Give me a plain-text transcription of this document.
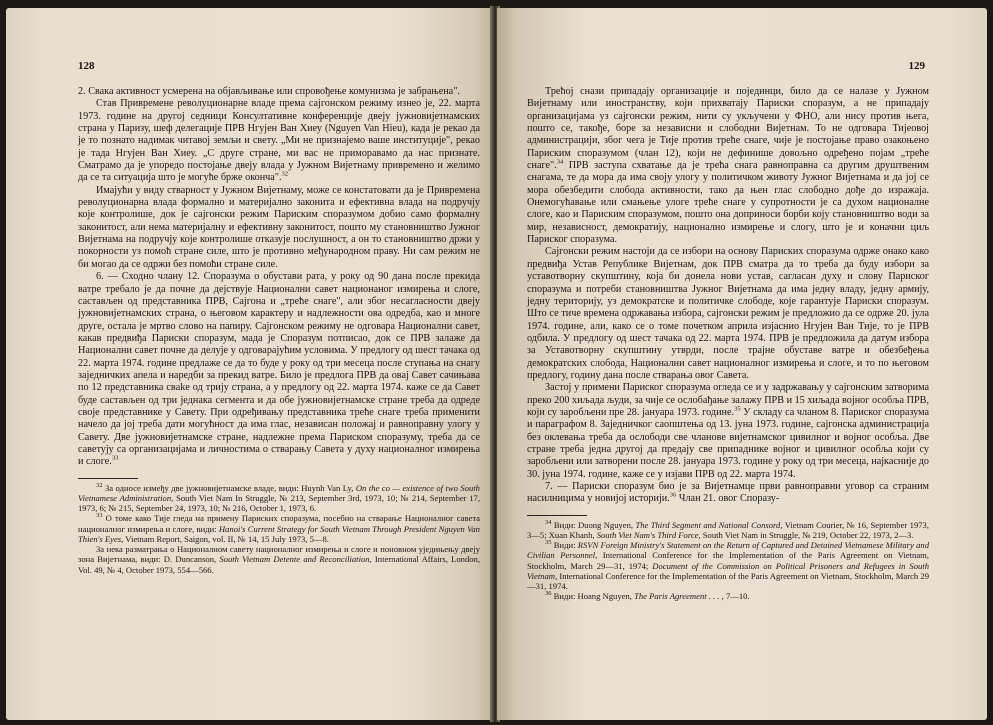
128

2. Свака активност усмерена на објављивање или спровођење комунизма је забрањена".

Став Привремене револуционарне владе према сајгонском режиму изнео је, 22. марта 1973. године на другој седници Консултативне конференције двеју јужновијетнамских страна у Паризу, шеф делегације ПРВ Нгујен Ван Хиеу (Nguyen Van Hieu), када је рекао да је то познато надимак читавој земљи и свету. „Ми не признајемо ваше институције", рекао је тада Нгујен Ван Хиеу. „С друге стране, ми вас не приморавамо да нас признате. Сматрамо да је упоредо постојање двеју влада у Јужном Вијетнаму привремено и желимо да се та ситуација што је могуће брже оконча".$^{32}$

Имајући у виду стварност у Јужном Вијетнаму, може се констатовати да је Привремена револуционарна влада формално и материјално законита и ефективна влада на подручју које контролише, док је сајгонски режим Париским споразумом добио само формалну законитост, али нема материјалну и ефективну законитост, пошто му становништво Јужног Вијетнама на подручју које контролише отказује послушност, а он то становништво држи у покорности уз помоћ стране силе, што је противно међународном праву. Ни сам режим не би могао да се одржи без помоћи стране силе.

6. — Сходно члану 12. Споразума о обустави рата, у року од 90 дана после прекида ватре требало је да почне да дејствује Национални савет национаног измирења и слоге, састављен од представника ПРВ, Сајгона и „треће снаге", али због несагласности двеју јужновијетнамских страна, о његовом карактеру и надлежности ова одредба, као и многе друге, остала је мртво слово на папиру. Сајгонском режиму не одговара Национални савет, какав предвиђа Париски споразум, мада је Споразум потписао, док се ПРВ залаже да Национални савет почне да делује у одговарајућим условима. У предлогу од шест тачака од 22. марта 1974. године предлаже се да то буде у року од три месеца после ступања на снагу заједничких апела и наредби за прекид ватре. Било је предлога ПРВ да овај Савет сачињава по 12 представника свake од трију страна, а у предлогу од 22. марта 1974. каже се да Савет буде састављен од три једнака сегмента и да обе јужновијетнамске стране треба да одреде своје представнике у Савету. При одређивању представника треће снаге треба применити начело да јој треба дати могућност да има глас, независан положај и равноправну улогу у Савету. Две јужновијетнамске стране, надлежне према Париском споразуму, треба да се саветују са организацијама и личностима о стварању Савета у духу националног измирења и слоге.$^{33}$

$^{32}$ За односе између две јужновијетнамске владе, види: Huynh Van Ly, On the co — existence of two South Vietnamese Administration, South Viet Nam In Struggle, № 213, September 3rd, 1973, 10; № 214, September 17, 1973, 6; № 215, September 24, 1973, 10; № 216, October 1, 1973, 6.

$^{33}$ О томе како Тије гледа на примену Париских споразума, посебно на стварање Националног савета националног измирења и слоге, види: Hanoi's Current Strategy for South Vietnam Through President Nguyen Van Thien's Eyes, Vietnam Report, Saigon, vol. II, № 14, 15 July 1973, 5—8.

За нека разматрања о Националном савету националног измирења и слоге и поновном уједињењу двеју зона Вијетнама, види: D. Duncanson, South Vietnam Detente and Reconciliation, International Affairs, London, Vol. 49, № 4, October 1973, 554—566.

129

Трећој снази припадају организације и појединци, било да се налазе у Јужном Вијетнаму или иностранству, који прихватају Париски споразум, а не припадају организацијама уз сајгонски режим, нити су укључени у ФНО, али нису против њега, пошто се, такође, боре за независни и слободни Вијетнам. То не одговара Тијеовој администрацији, због чега је Тије против треће снаге, чије је постојање право озакоњено Париским споразумом (члан 12), који не дефинише довољно одређено појам „треће снаге".$^{34}$ ПРВ заступа схватање да је трећа снага равноправна са другим друштвеним снагама, те да мора да има своју улогу у политичком животу Јужног Вијетнама и да јој се мора обезбедити слобода активности, тако да њен глас слободно дође до изражаја. Онемогућавање или смањење улоге треће снаге у супротности је са духом националне слоге, као и Париским споразумом, пошто она доприноси борби коју становништво води за мир, независност, демократију, национално измирење и слогу, што је и коначни циљ Париског споразума.

Сајгонски режим настоји да се избори на основу Париских споразума одрже онако како предвиђа Устав Републике Вијетнам, док ПРВ сматра да то треба да буду избори за уставотворну скупштину, која би донела нови устав, сагласан духу и слову Париског споразума и потреби становништва Јужног Вијетнама да има једну владу, једну армију, једну територију, уз демократске и политичке слободе, које гарантује Париски споразум. Што се тиче времена одржавања избора, сајгонски режим је предложио да се одрже 20. јула 1974. године, али, како се о томе почетком априла изјаснио Нгујен Ван Тије, то је ПРВ одбила. У предлогу од шест тачака од 22. марта 1974. ПРВ је предложила да датум избора за Уставотворну скупштину утврди, после трајне обуставе ватре и обезбеђења демократских слобода, Национални савет националног измирења и слоге, и то по његовом предлогу, годину дана после стварања овог Савета.

Застој у примени Париског споразума огледа се и у задржавању у сајгонским затворима преко 200 хиљада људи, за чије се ослобађање залажу ПРВ и 15 хиљада војног особља ПРВ, који су заробљени пре 28. јануара 1973. године.$^{35}$ У складу са чланом 8. Париског споразума и параграфом 8. Заједничког саопштења од 13. јуна 1973. године, сајгонска администрација без оклевања треба да ослободи све чланове вијетнамског цивилног и војног особља. Две стране треба једна другој да предају све припаднике војног и цивилног особља који су заробљени или затворени после 28. јануара 1973. године у року од три месеца, најкасније до 30. јуна 1974. године, каже се у изјави ПРВ од 22. марта 1974.

7. — Париски споразум био је за Вијетнамце први равноправни уговор са страним насилницима у новијој историји.$^{36}$ Члан 21. овог Споразу-

$^{34}$ Види: Duong Nguyen, The Third Segment and National Consord, Vietnam Courier, № 16, September 1973, 3—5; Xuan Khanh, South Viet Nam's Third Force, South Viet Nam in Struggle, № 219, October 22, 1973, 2—3.

$^{35}$ Види: RSVN Foreign Ministry's Statement on the Return of Captured and Detained Vietnamese Military and Civilian Personnel, International Conference for the Implementation of the Paris Agreement on Vietnam, Stockholm, March 29—31, 1974; Document of the Commission on Political Prisoners and Refugees in South Vietnam, International Conference for the Implementation of the Paris Agreement on Vietnam, Stockholm, March 29—31, 1974.

$^{36}$ Види: Hoang Nguyen, The Paris Agreement . . . , 7—10.
